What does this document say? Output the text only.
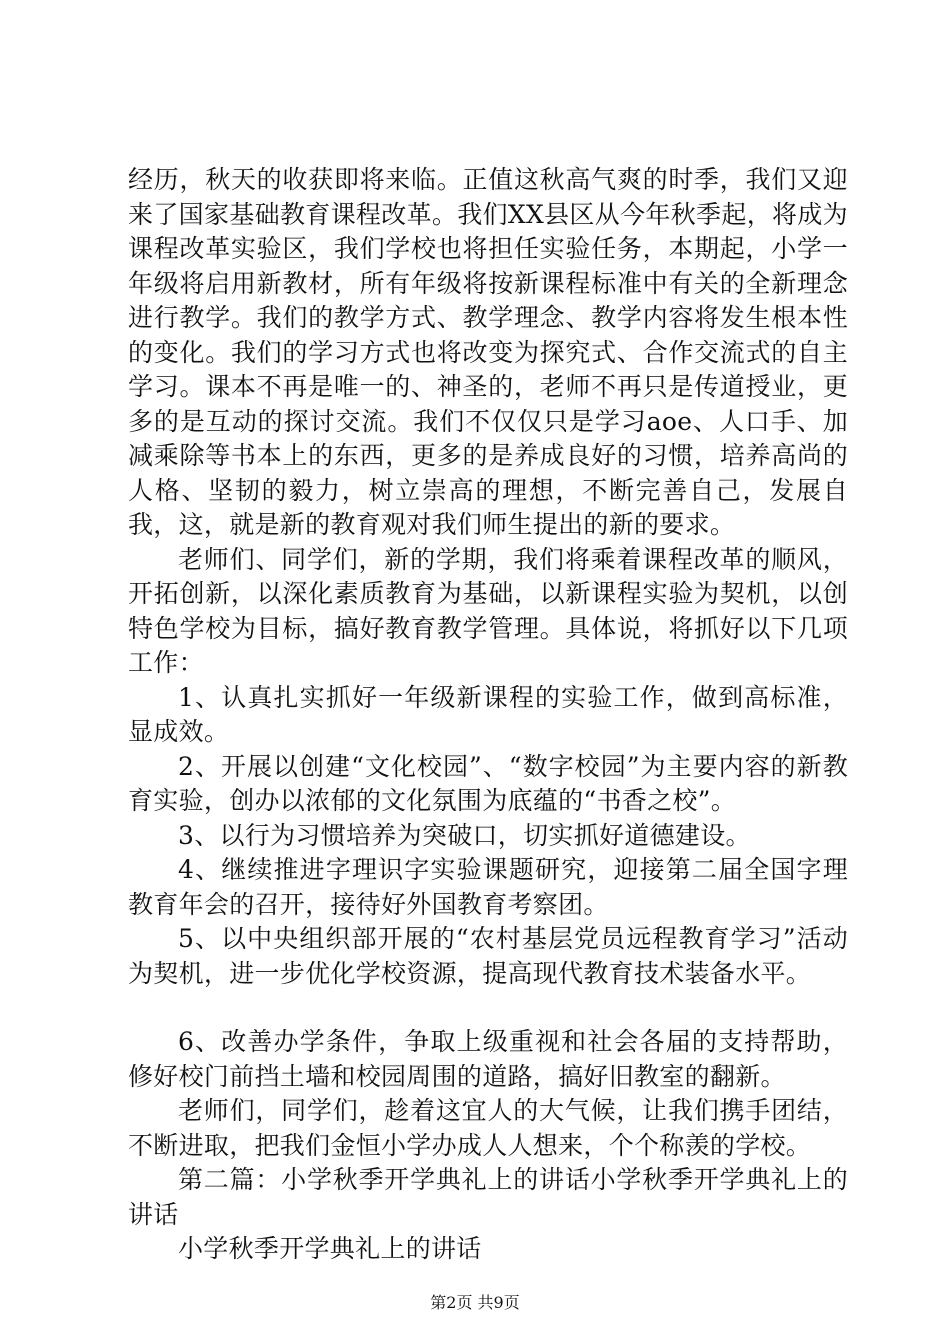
经历，秋天的收获即将来临。正值这秋高气爽的时季，我们又迎来了国家基础教育课程改革。我们XX县区从今年秋季起，将成为课程改革实验区，我们学校也将担任实验任务，本期起，小学一年级将启用新教材，所有年级将按新课程标准中有关的全新理念进行教学。我们的教学方式、教学理念、教学内容将发生根本性的变化。我们的学习方式也将改变为探究式、合作交流式的自主学习。课本不再是唯一的、神圣的，老师不再只是传道授业，更多的是互动的探讨交流。我们不仅仅只是学习aoe、人口手、加减乘除等书本上的东西，更多的是养成良好的习惯，培养高尚的人格、坚韧的毅力，树立崇高的理想，不断完善自己，发展自我，这，就是新的教育观对我们师生提出的新的要求。

老师们、同学们，新的学期，我们将乘着课程改革的顺风，开拓创新，以深化素质教育为基础，以新课程实验为契机，以创特色学校为目标，搞好教育教学管理。具体说，将抓好以下几项工作：

1、认真扎实抓好一年级新课程的实验工作，做到高标准，显成效。

2、开展以创建“文化校园”、“数字校园”为主要内容的新教育实验，创办以浓郁的文化氛围为底蕴的“书香之校”。

3、以行为习惯培养为突破口，切实抓好道德建设。

4、继续推进字理识字实验课题研究，迎接第二届全国字理教育年会的召开，接待好外国教育考察团。

5、以中央组织部开展的“农村基层党员远程教育学习”活动为契机，进一步优化学校资源，提高现代教育技术装备水平。

6、改善办学条件，争取上级重视和社会各届的支持帮助，修好校门前挡土墙和校园周围的道路，搞好旧教室的翻新。

老师们，同学们，趁着这宜人的大气候，让我们携手团结，不断进取，把我们金恒小学办成人人想来，个个称羡的学校。

第二篇：小学秋季开学典礼上的讲话小学秋季开学典礼上的讲话

小学秋季开学典礼上的讲话

第2页 共9页
